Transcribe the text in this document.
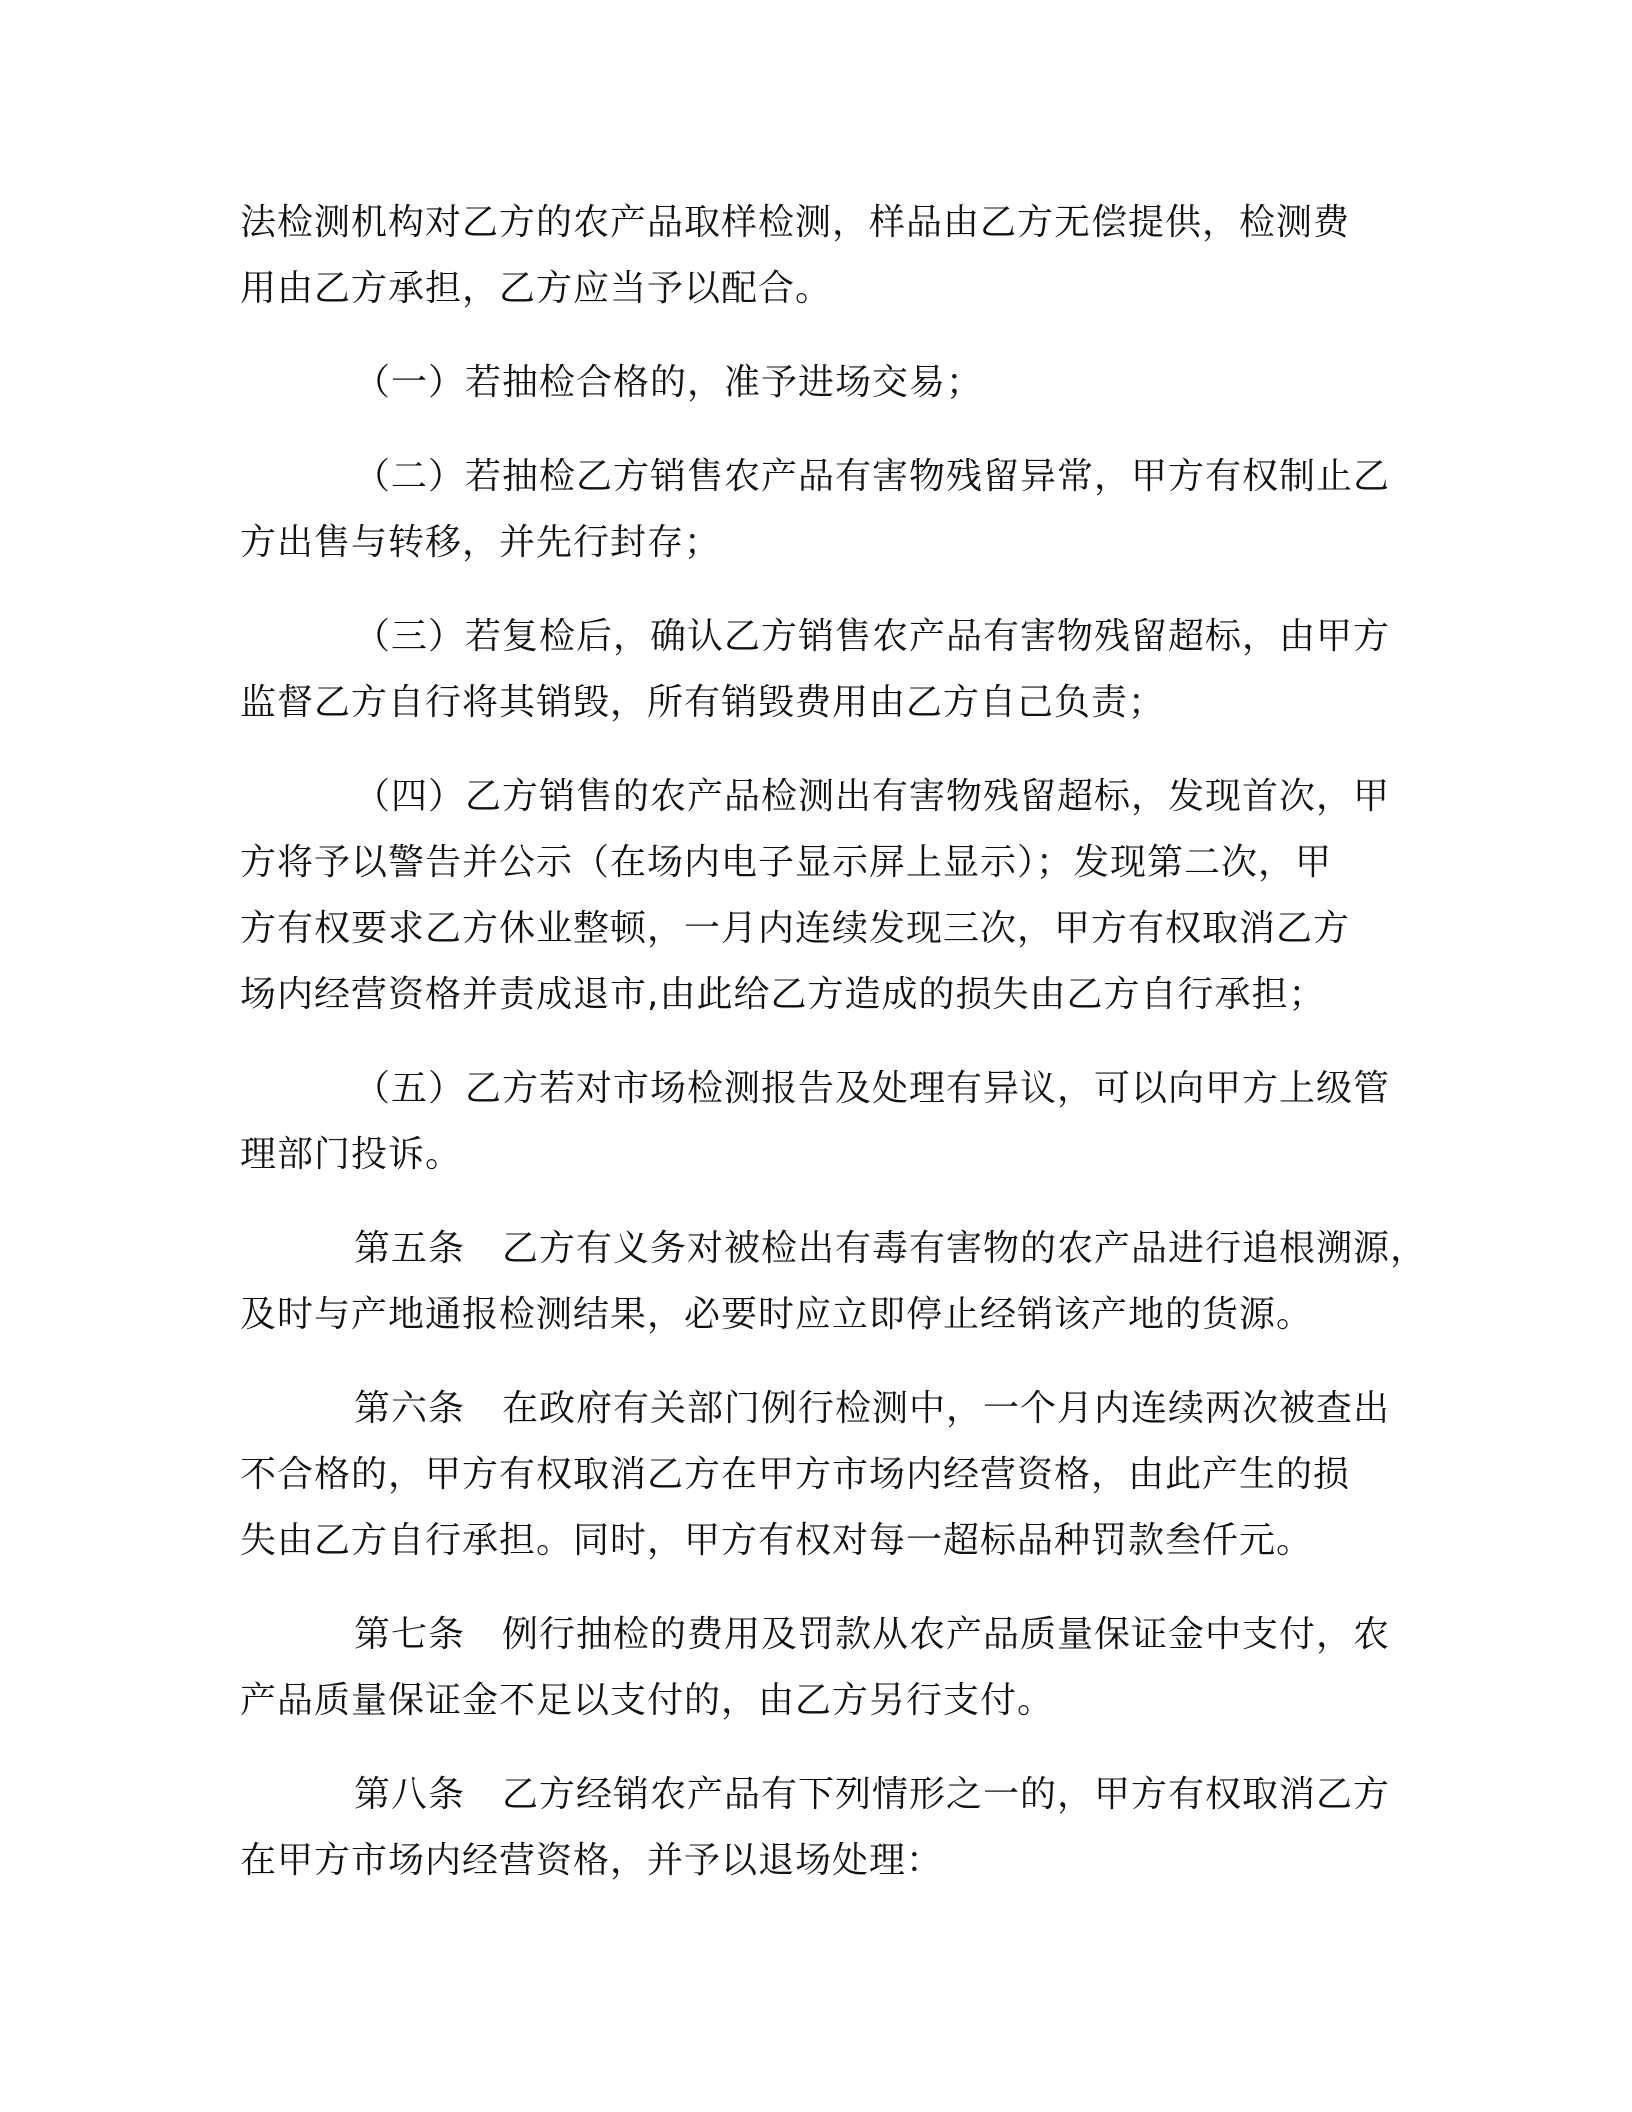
法检测机构对乙方的农产品取样检测，样品由乙方无偿提供，检测费
用由乙方承担，乙方应当予以配合。
（一）若抽检合格的，准予进场交易；
（二）若抽检乙方销售农产品有害物残留异常，甲方有权制止乙
方出售与转移，并先行封存；
（三）若复检后，确认乙方销售农产品有害物残留超标，由甲方
监督乙方自行将其销毁，所有销毁费用由乙方自己负责；
（四）乙方销售的农产品检测出有害物残留超标，发现首次，甲
方将予以警告并公示（在场内电子显示屏上显示）；发现第二次，甲
方有权要求乙方休业整顿，一月内连续发现三次，甲方有权取消乙方
场内经营资格并责成退市,由此给乙方造成的损失由乙方自行承担；
（五）乙方若对市场检测报告及处理有异议，可以向甲方上级管
理部门投诉。
第五条　乙方有义务对被检出有毒有害物的农产品进行追根溯源，
及时与产地通报检测结果，必要时应立即停止经销该产地的货源。
第六条　在政府有关部门例行检测中，一个月内连续两次被查出
不合格的，甲方有权取消乙方在甲方市场内经营资格，由此产生的损
失由乙方自行承担。同时，甲方有权对每一超标品种罚款叁仟元。
第七条　例行抽检的费用及罚款从农产品质量保证金中支付，农
产品质量保证金不足以支付的，由乙方另行支付。
第八条　乙方经销农产品有下列情形之一的，甲方有权取消乙方
在甲方市场内经营资格，并予以退场处理：
